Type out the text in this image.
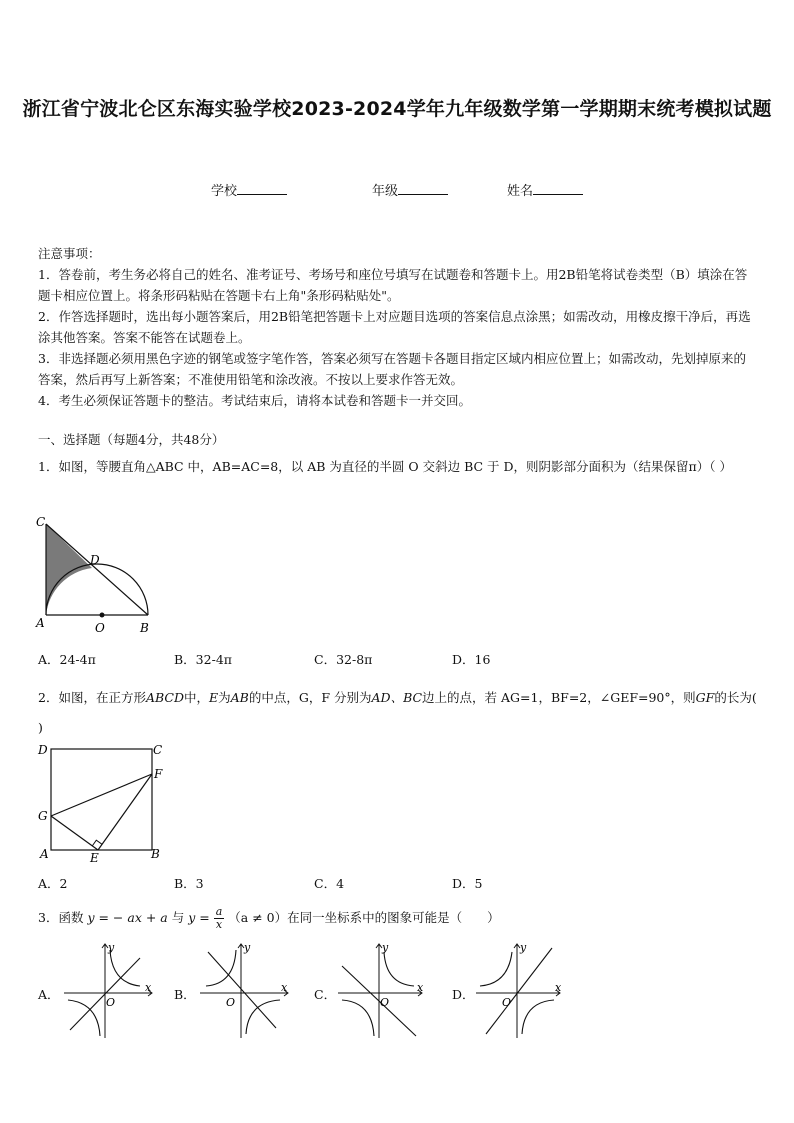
浙江省宁波北仑区东海实验学校2023-2024学年九年级数学第一学期期末统考模拟试题
学校	年级	姓名

注意事项：

1．答卷前，考生务必将自己的姓名、准考证号、考场号和座位号填写在试题卷和答题卡上。用2B铅笔将试卷类型（B）填涂在答题卡相应位置上。将条形码粘贴在答题卡右上角"条形码粘贴处"。

2．作答选择题时，选出每小题答案后，用2B铅笔把答题卡上对应题目选项的答案信息点涂黑；如需改动，用橡皮擦干净后，再选涂其他答案。答案不能答在试题卷上。

3．非选择题必须用黑色字迹的钢笔或签字笔作答，答案必须写在答题卡各题目指定区域内相应位置上；如需改动，先划掉原来的答案，然后再写上新答案；不准使用铅笔和涂改液。不按以上要求作答无效。

4．考生必须保证答题卡的整洁。考试结束后，请将本试卷和答题卡一并交回。

一、选择题（每题4分，共48分）
1．如图，等腰直角△ABC 中，AB=AC=8，以 AB 为直径的半圆 O 交斜边 BC 于 D，则阴影部分面积为（结果保留π）（ ）
C
D
A	O	B
A．24-4π	B．32-4π	C．32-8π	D．16
2．如图，在正方形ABCD中，E为AB的中点，G，F 分别为AD、BC边上的点，若 AG=1，BF=2，∠GEF=90°，则GF的长为(　 )
D	C
F
G
A	E	B
A．2	B．3	C．4	D．5
3．函数 y = − ax + a 与 $y = \frac{a}{x} (a \ne 0)$在同一坐标系中的图象可能是（　　）
A．	x
y
O
B．	x
y
O
C．	x
y
O
D．	x
y
O
